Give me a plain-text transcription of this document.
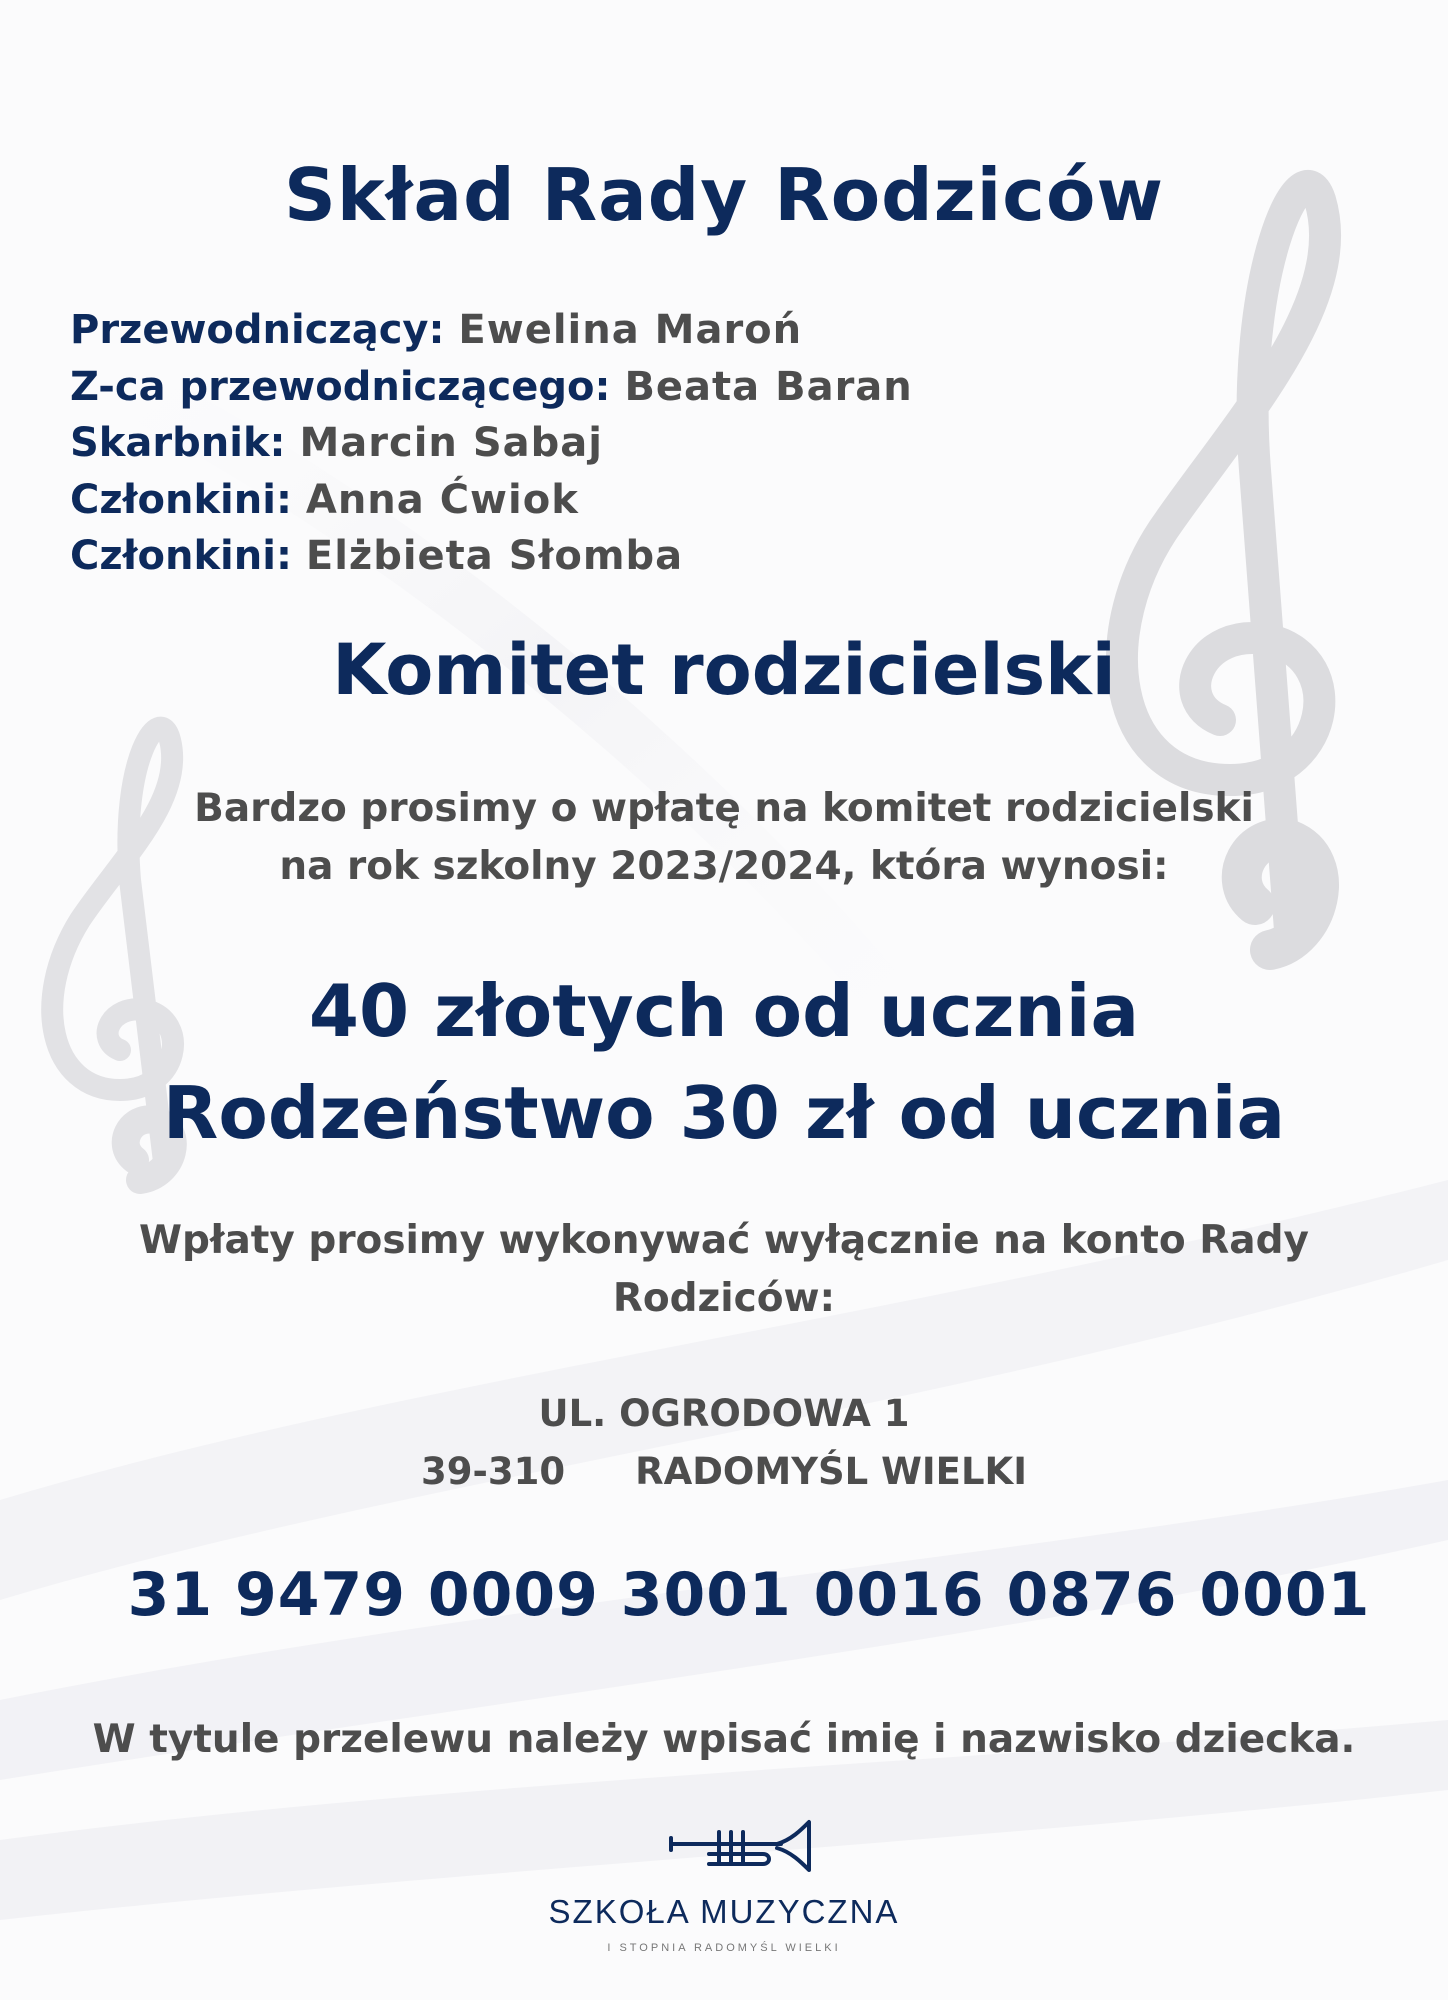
Skład Rady Rodziców
Przewodniczący: Ewelina Maroń
Z-ca przewodniczącego: Beata Baran
Skarbnik: Marcin Sabaj
Członkini: Anna Ćwiok
Członkini: Elżbieta Słomba
Komitet rodzicielski
Bardzo prosimy o wpłatę na komitet rodzicielski
na rok szkolny 2023/2024, która wynosi:
40 złotych od ucznia
Rodzeństwo 30 zł od ucznia
Wpłaty prosimy wykonywać wyłącznie na konto Rady
Rodziców:
UL. OGRODOWA 1
39-310 RADOMYŚL WIELKI
31 9479 0009 3001 0016 0876 0001
W tytule przelewu należy wpisać imię i nazwisko dziecka.
SZKOŁA MUZYCZNA
I STOPNIA RADOMYŚL WIELKI
